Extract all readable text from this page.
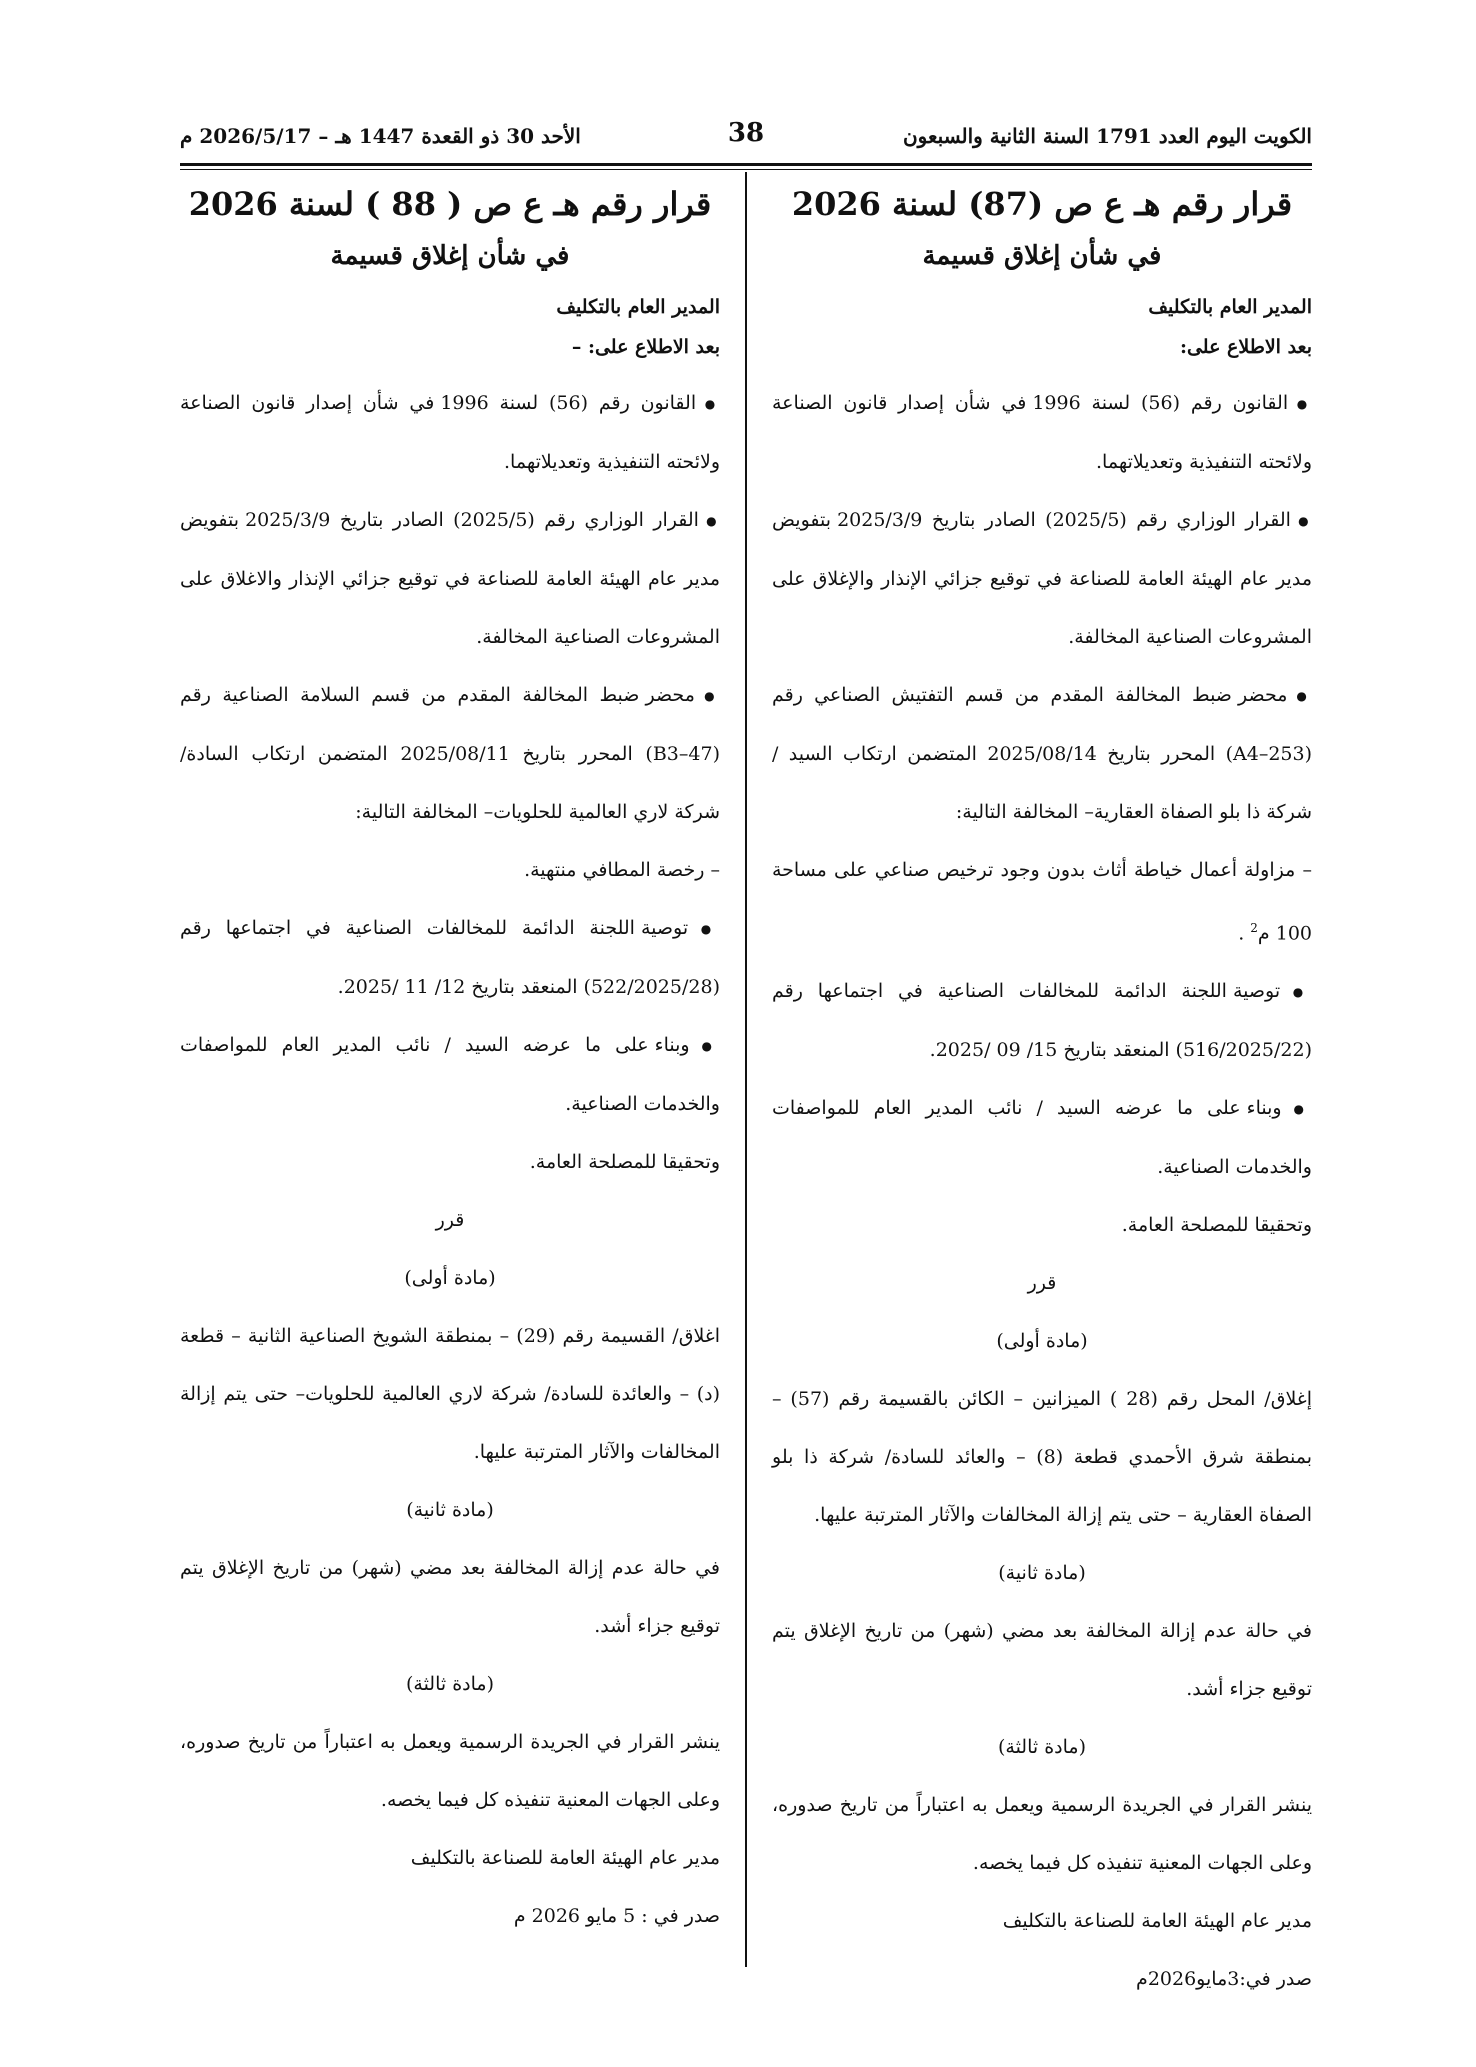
الكويت اليوم العدد 1791 السنة الثانية والسبعون
38
الأحد 30 ذو القعدة 1447 هـ – 2026/5/17 م
قرار رقم هـ ع ص (87) لسنة 2026
في شأن إغلاق قسيمة
المدير العام بالتكليف
بعد الاطلاع على:
● القانون رقم (56) لسنة 1996 في شأن إصدار قانون الصناعة ولائحته التنفيذية وتعديلاتهما.
● القرار الوزاري رقم (2025/5) الصادر بتاريخ 2025/3/9 بتفويض مدير عام الهيئة العامة للصناعة في توقيع جزائي الإنذار والإغلاق على المشروعات الصناعية المخالفة.
● محضر ضبط المخالفة المقدم من قسم التفتيش الصناعي رقم (A4–253) المحرر بتاريخ 2025/08/14 المتضمن ارتكاب السيد / شركة ذا بلو الصفاة العقارية– المخالفة التالية:
– مزاولة أعمال خياطة أثاث بدون وجود ترخيص صناعي على مساحة 100 م$^2$ .
● توصية اللجنة الدائمة للمخالفات الصناعية في اجتماعها رقم (516/2025/22) المنعقد بتاريخ 15/ 09 /2025.
● وبناء على ما عرضه السيد / نائب المدير العام للمواصفات والخدمات الصناعية.
وتحقيقا للمصلحة العامة.
قرر
(مادة أولى)
إغلاق/ المحل رقم (28 ) الميزانين – الكائن بالقسيمة رقم (57) – بمنطقة شرق الأحمدي قطعة (8) – والعائد للسادة/ شركة ذا بلو الصفاة العقارية – حتى يتم إزالة المخالفات والآثار المترتبة عليها.
(مادة ثانية)
في حالة عدم إزالة المخالفة بعد مضي (شهر) من تاريخ الإغلاق يتم توقيع جزاء أشد.
(مادة ثالثة)
ينشر القرار في الجريدة الرسمية ويعمل به اعتباراً من تاريخ صدوره، وعلى الجهات المعنية تنفيذه كل فيما يخصه.
مدير عام الهيئة العامة للصناعة بالتكليف
صدر في:3مايو2026م
قرار رقم هـ ع ص ( 88 ) لسنة 2026
في شأن إغلاق قسيمة
المدير العام بالتكليف
بعد الاطلاع على: –
● القانون رقم (56) لسنة 1996 في شأن إصدار قانون الصناعة ولائحته التنفيذية وتعديلاتهما.
● القرار الوزاري رقم (2025/5) الصادر بتاريخ 2025/3/9 بتفويض مدير عام الهيئة العامة للصناعة في توقيع جزائي الإنذار والاغلاق على المشروعات الصناعية المخالفة.
● محضر ضبط المخالفة المقدم من قسم السلامة الصناعية رقم (B3–47) المحرر بتاريخ 2025/08/11 المتضمن ارتكاب السادة/ شركة لاري العالمية للحلويات– المخالفة التالية:
– رخصة المطافي منتهية.
● توصية اللجنة الدائمة للمخالفات الصناعية في اجتماعها رقم (522/2025/28) المنعقد بتاريخ 12/ 11 /2025.
● وبناء على ما عرضه السيد / نائب المدير العام للمواصفات والخدمات الصناعية.
وتحقيقا للمصلحة العامة.
قرر
(مادة أولى)
اغلاق/ القسيمة رقم (29) – بمنطقة الشويخ الصناعية الثانية – قطعة (د) – والعائدة للسادة/ شركة لاري العالمية للحلويات– حتى يتم إزالة المخالفات والآثار المترتبة عليها.
(مادة ثانية)
في حالة عدم إزالة المخالفة بعد مضي (شهر) من تاريخ الإغلاق يتم توقيع جزاء أشد.
(مادة ثالثة)
ينشر القرار في الجريدة الرسمية ويعمل به اعتباراً من تاريخ صدوره، وعلى الجهات المعنية تنفيذه كل فيما يخصه.
مدير عام الهيئة العامة للصناعة بالتكليف
صدر في : 5 مايو 2026 م
